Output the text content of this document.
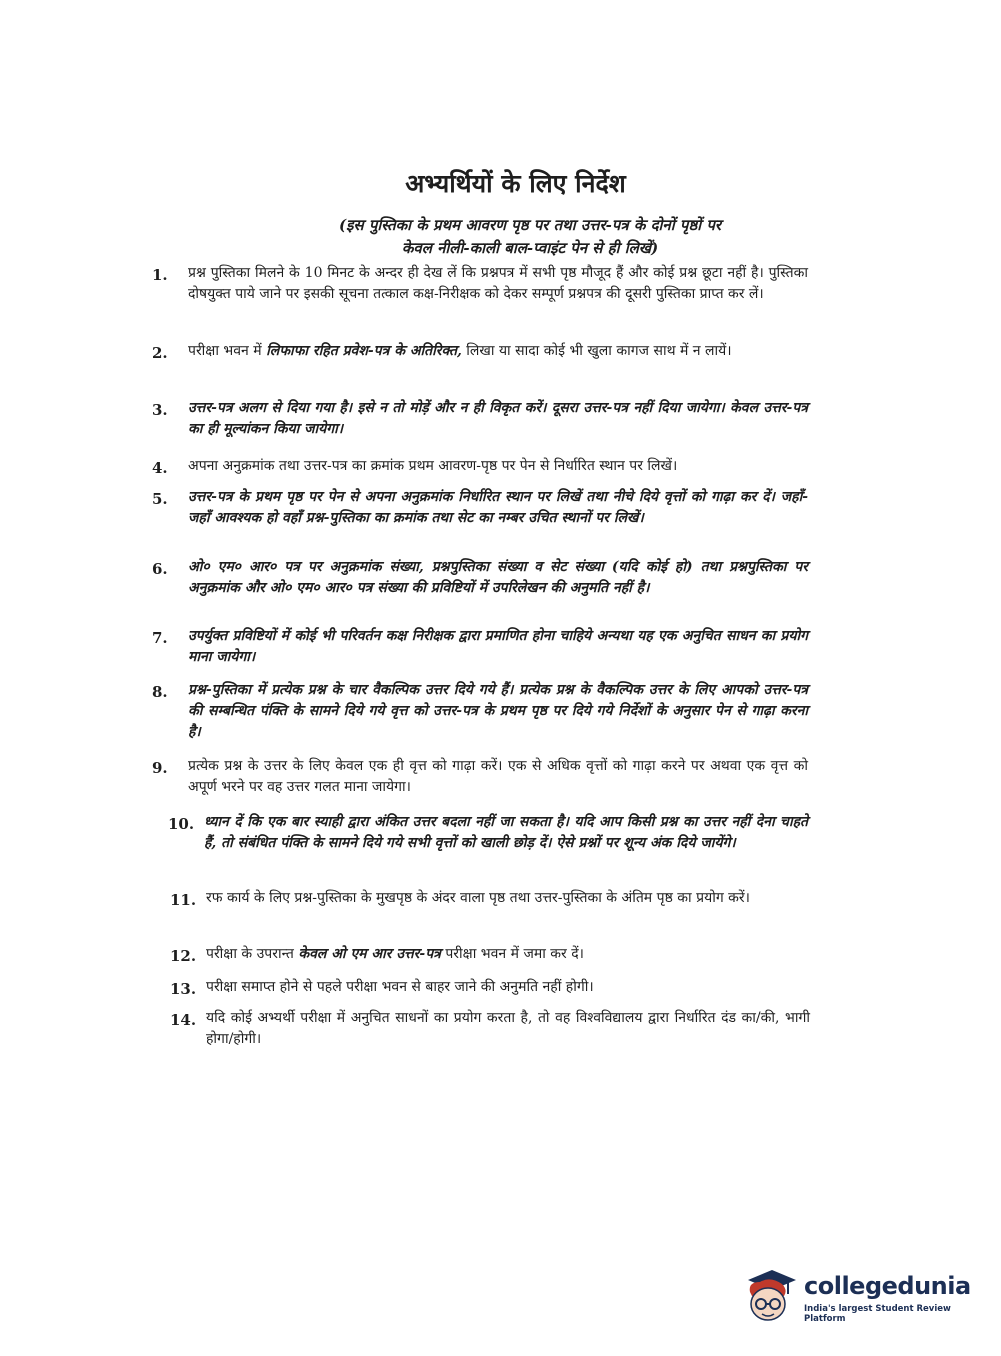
अभ्यर्थियों के लिए निर्देश
(इस पुस्तिका के प्रथम आवरण पृष्ठ पर तथा उत्तर-पत्र के दोनों पृष्ठों पर
केवल नीली-काली बाल-प्वाइंट पेन से ही लिखें)
1. प्रश्न पुस्तिका मिलने के 10 मिनट के अन्दर ही देख लें कि प्रश्नपत्र में सभी पृष्ठ मौजूद हैं और कोई प्रश्न छूटा नहीं है। पुस्तिका दोषयुक्त पाये जाने पर इसकी सूचना तत्काल कक्ष-निरीक्षक को देकर सम्पूर्ण प्रश्नपत्र की दूसरी पुस्तिका प्राप्त कर लें।
2. परीक्षा भवन में लिफाफा रहित प्रवेश-पत्र के अतिरिक्त, लिखा या सादा कोई भी खुला कागज साथ में न लायें।
3. उत्तर-पत्र अलग से दिया गया है। इसे न तो मोड़ें और न ही विकृत करें। दूसरा उत्तर-पत्र नहीं दिया जायेगा। केवल उत्तर-पत्र का ही मूल्यांकन किया जायेगा।
4. अपना अनुक्रमांक तथा उत्तर-पत्र का क्रमांक प्रथम आवरण-पृष्ठ पर पेन से निर्धारित स्थान पर लिखें।
5. उत्तर-पत्र के प्रथम पृष्ठ पर पेन से अपना अनुक्रमांक निर्धारित स्थान पर लिखें तथा नीचे दिये वृत्तों को गाढ़ा कर दें। जहाँ-जहाँ आवश्यक हो वहाँ प्रश्न-पुस्तिका का क्रमांक तथा सेट का नम्बर उचित स्थानों पर लिखें।
6. ओ० एम० आर० पत्र पर अनुक्रमांक संख्या, प्रश्नपुस्तिका संख्या व सेट संख्या (यदि कोई हो) तथा प्रश्नपुस्तिका पर अनुक्रमांक और ओ० एम० आर० पत्र संख्या की प्रविष्टियों में उपरिलेखन की अनुमति नहीं है।
7. उपर्युक्त प्रविष्टियों में कोई भी परिवर्तन कक्ष निरीक्षक द्वारा प्रमाणित होना चाहिये अन्यथा यह एक अनुचित साधन का प्रयोग माना जायेगा।
8. प्रश्न-पुस्तिका में प्रत्येक प्रश्न के चार वैकल्पिक उत्तर दिये गये हैं। प्रत्येक प्रश्न के वैकल्पिक उत्तर के लिए आपको उत्तर-पत्र की सम्बन्धित पंक्ति के सामने दिये गये वृत्त को उत्तर-पत्र के प्रथम पृष्ठ पर दिये गये निर्देशों के अनुसार पेन से गाढ़ा करना है।
9. प्रत्येक प्रश्न के उत्तर के लिए केवल एक ही वृत्त को गाढ़ा करें। एक से अधिक वृत्तों को गाढ़ा करने पर अथवा एक वृत्त को अपूर्ण भरने पर वह उत्तर गलत माना जायेगा।
10. ध्यान दें कि एक बार स्याही द्वारा अंकित उत्तर बदला नहीं जा सकता है। यदि आप किसी प्रश्न का उत्तर नहीं देना चाहते हैं, तो संबंधित पंक्ति के सामने दिये गये सभी वृत्तों को खाली छोड़ दें। ऐसे प्रश्नों पर शून्य अंक दिये जायेंगे।
11. रफ कार्य के लिए प्रश्न-पुस्तिका के मुखपृष्ठ के अंदर वाला पृष्ठ तथा उत्तर-पुस्तिका के अंतिम पृष्ठ का प्रयोग करें।
12. परीक्षा के उपरान्त केवल ओ एम आर उत्तर-पत्र परीक्षा भवन में जमा कर दें।
13. परीक्षा समाप्त होने से पहले परीक्षा भवन से बाहर जाने की अनुमति नहीं होगी।
14. यदि कोई अभ्यर्थी परीक्षा में अनुचित साधनों का प्रयोग करता है, तो वह विश्वविद्यालय द्वारा निर्धारित दंड का/की, भागी होगा/होगी।
collegedunia
India's largest Student Review Platform
